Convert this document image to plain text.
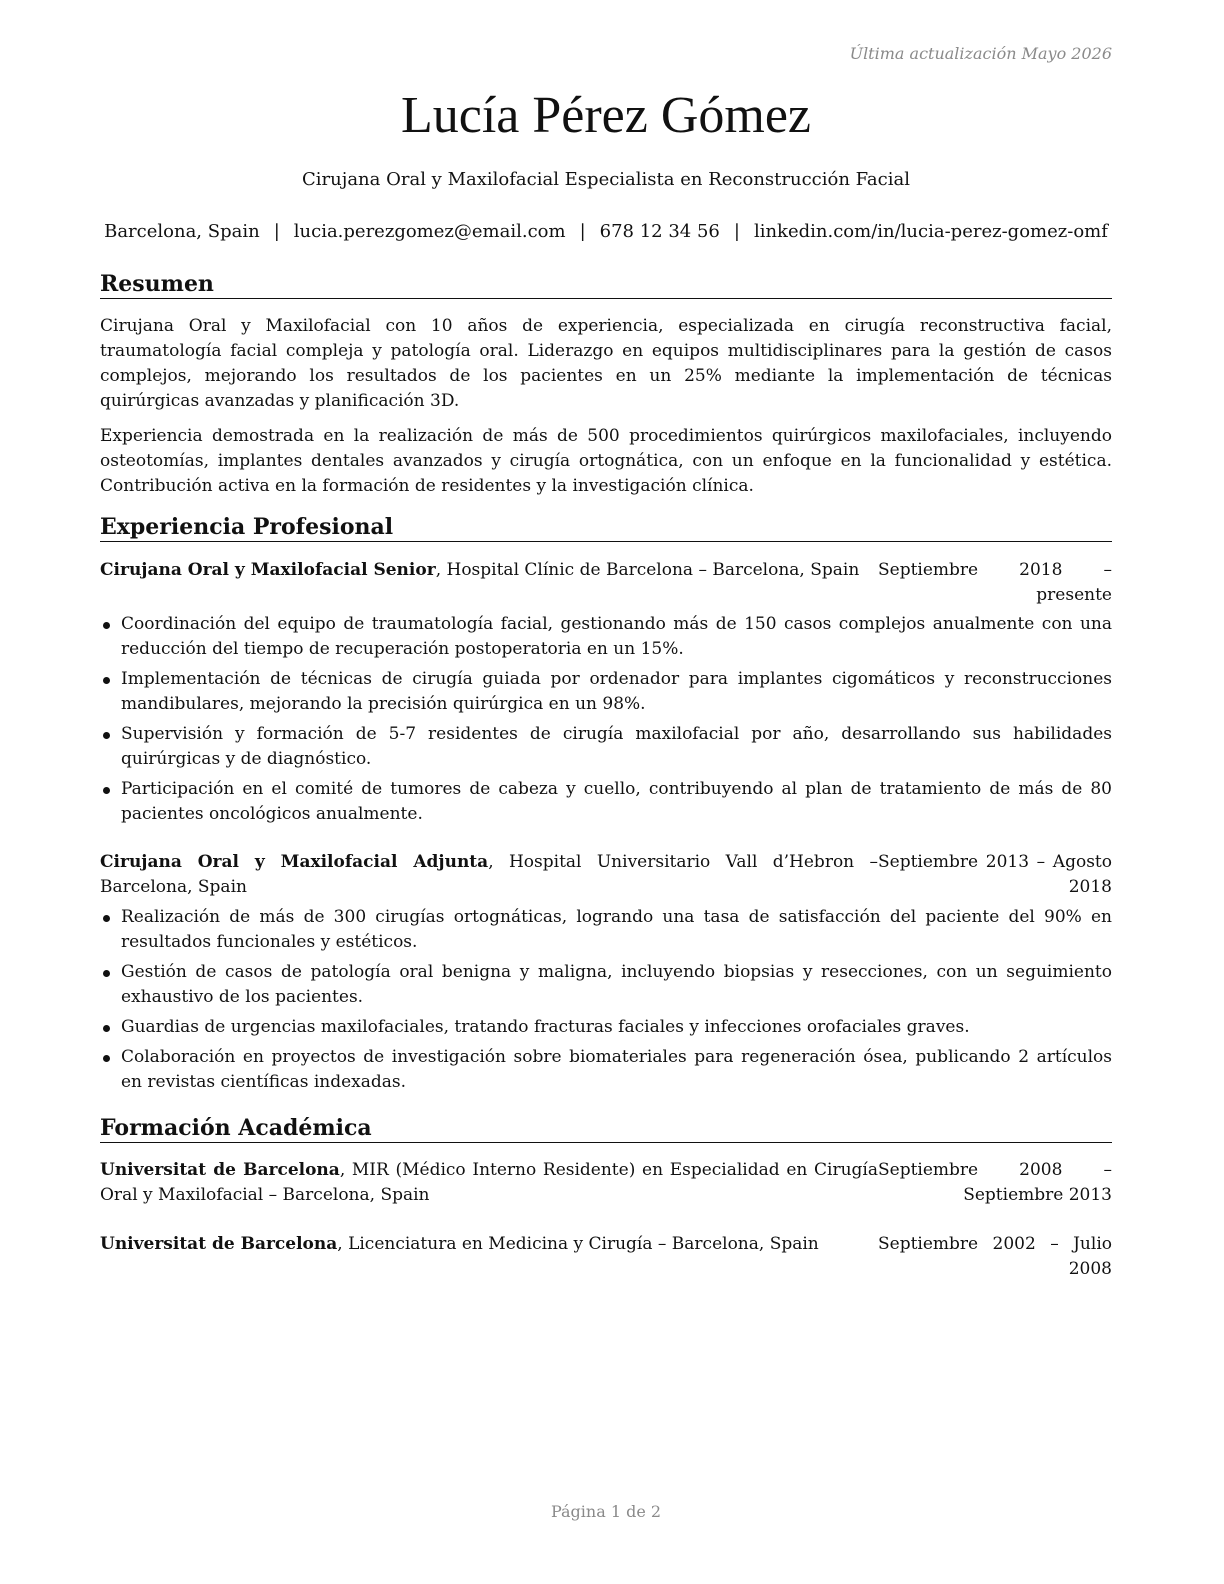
Última actualización Mayo 2026
Lucía Pérez Gómez
Cirujana Oral y Maxilofacial Especialista en Reconstrucción Facial
Barcelona, Spain | lucia.perezgomez@email.com | 678 12 34 56 | linkedin.com/in/lucia-perez-gomez-omf
Resumen

Cirujana Oral y Maxilofacial con 10 años de experiencia, especializada en cirugía reconstructiva facial, traumatología facial compleja y patología oral. Liderazgo en equipos multidisciplinares para la gestión de casos complejos, mejorando los resultados de los pacientes en un 25% mediante la implementación de técnicas quirúrgicas avanzadas y planificación 3D.

Experiencia demostrada en la realización de más de 500 procedimientos quirúrgicos maxilofaciales, incluyendo osteotomías, implantes dentales avanzados y cirugía ortognática, con un enfoque en la funcionalidad y estética. Contribución activa en la formación de residentes y la investigación clínica.

Experiencia Profesional
Cirujana Oral y Maxilofacial Senior, Hospital Clínic de Barcelona – Barcelona, Spain	Septiembre 2018 – presente
Coordinación del equipo de traumatología facial, gestionando más de 150 casos complejos anualmente con una reducción del tiempo de recuperación postoperatoria en un 15%.
Implementación de técnicas de cirugía guiada por ordenador para implantes cigomáticos y reconstrucciones mandibulares, mejorando la precisión quirúrgica en un 98%.
Supervisión y formación de 5-7 residentes de cirugía maxilofacial por año, desarrollando sus habilidades quirúrgicas y de diagnóstico.
Participación en el comité de tumores de cabeza y cuello, contribuyendo al plan de tratamiento de más de 80 pacientes oncológicos anualmente.
Cirujana Oral y Maxilofacial Adjunta, Hospital Universitario Vall d’Hebron – Barcelona, Spain
Septiembre 2013 – Agosto 2018
Realización de más de 300 cirugías ortognáticas, logrando una tasa de satisfacción del paciente del 90% en resultados funcionales y estéticos.
Gestión de casos de patología oral benigna y maligna, incluyendo biopsias y resecciones, con un seguimiento exhaustivo de los pacientes.
Guardias de urgencias maxilofaciales, tratando fracturas faciales y infecciones orofaciales graves.
Colaboración en proyectos de investigación sobre biomateriales para regeneración ósea, publicando 2 artículos en revistas científicas indexadas.
Formación Académica
Universitat de Barcelona, MIR (Médico Interno Residente) en Especialidad en Cirugía Oral y Maxilofacial – Barcelona, Spain
Septiembre 2008 – Septiembre 2013
Universitat de Barcelona, Licenciatura en Medicina y Cirugía – Barcelona, Spain	Septiembre 2002 – Julio 2008
Página 1 de 2
